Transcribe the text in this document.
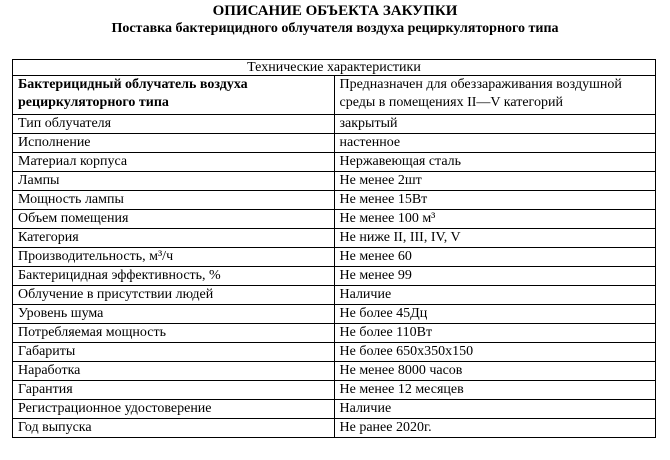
ОПИСАНИЕ ОБЪЕКТА ЗАКУПКИ
Поставка бактерицидного облучателя воздуха рециркуляторного типа
Технические характеристики	
Бактерицидный облучатель воздуха рециркуляторного типа	Предназначен для обеззараживания воздушной среды в помещениях II—V категорий
Тип облучателя	закрытый
Исполнение	настенное
Материал корпуса	Нержавеющая сталь
Лампы	Не менее 2шт
Мощность лампы	Не менее 15Вт
Объем помещения	Не менее 100 м³
Категория	Не ниже II, III, IV, V
Производительность, м³/ч	Не менее 60
Бактерицидная эффективность, %	Не менее 99
Облучение в присутствии людей	Наличие
Уровень шума	Не более 45Дц
Потребляемая мощность	Не более 110Вт
Габариты	Не более 650х350х150
Наработка	Не менее 8000 часов
Гарантия	Не менее 12 месяцев
Регистрационное удостоверение	Наличие
Год выпуска	Не ранее 2020г.
